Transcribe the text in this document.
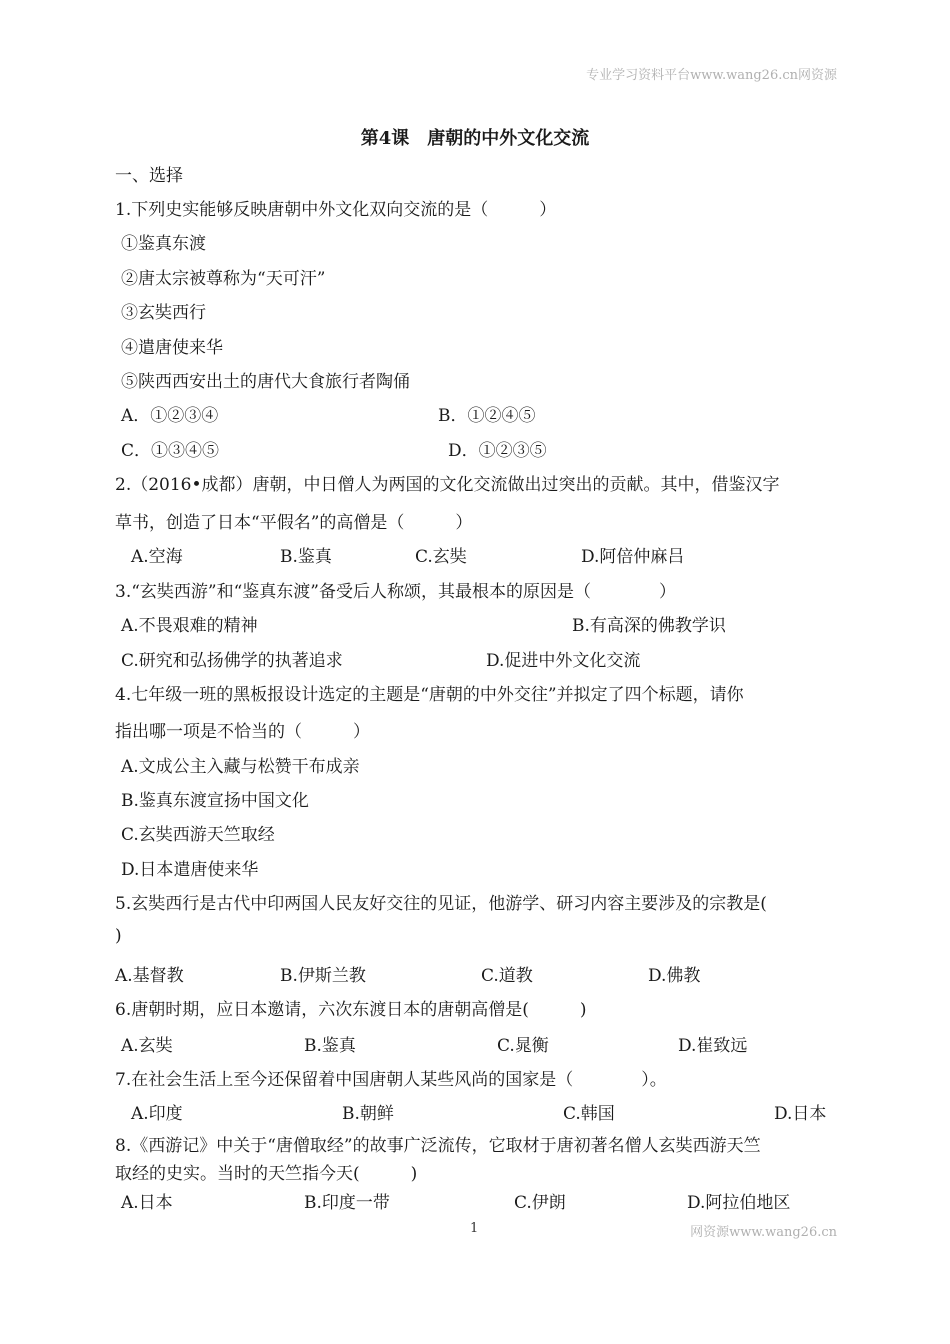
专业学习资料平台www.wang26.cn网资源
第4课　唐朝的中外文化交流
一、选择
1.下列史实能够反映唐朝中外文化双向交流的是（　　　）
①鉴真东渡
②唐太宗被尊称为“天可汗”
③玄奘西行
④遣唐使来华
⑤陕西西安出土的唐代大食旅行者陶俑
A．①②③④	B．①②④⑤
C．①③④⑤	D．①②③⑤
2.（2016•成都）唐朝，中日僧人为两国的文化交流做出过突出的贡献。其中，借鉴汉字
草书，创造了日本“平假名”的高僧是（　　　）
A.空海	B.鉴真	C.玄奘	D.阿倍仲麻吕
3.“玄奘西游”和“鉴真东渡”备受后人称颂，其最根本的原因是（　　　　）
A.不畏艰难的精神	B.有高深的佛教学识
C.研究和弘扬佛学的执著追求	D.促进中外文化交流
4.七年级一班的黑板报设计选定的主题是“唐朝的中外交往”并拟定了四个标题，请你
指出哪一项是不恰当的（　　　）
A.文成公主入藏与松赞干布成亲
B.鉴真东渡宣扬中国文化
C.玄奘西游天竺取经
D.日本遣唐使来华
5.玄奘西行是古代中印两国人民友好交往的见证，他游学、研习内容主要涉及的宗教是(
)
A.基督教	B.伊斯兰教	C.道教	D.佛教
6.唐朝时期，应日本邀请，六次东渡日本的唐朝高僧是(　　　)
A.玄奘	B.鉴真	C.晁衡	D.崔致远
7.在社会生活上至今还保留着中国唐朝人某些风尚的国家是（　　　　）。
A.印度	B.朝鲜	C.韩国	D.日本
8.《西游记》中关于“唐僧取经”的故事广泛流传，它取材于唐初著名僧人玄奘西游天竺
取经的史实。当时的天竺指今天(　　　)
A.日本	B.印度一带	C.伊朗	D.阿拉伯地区
1	网资源www.wang26.cn
